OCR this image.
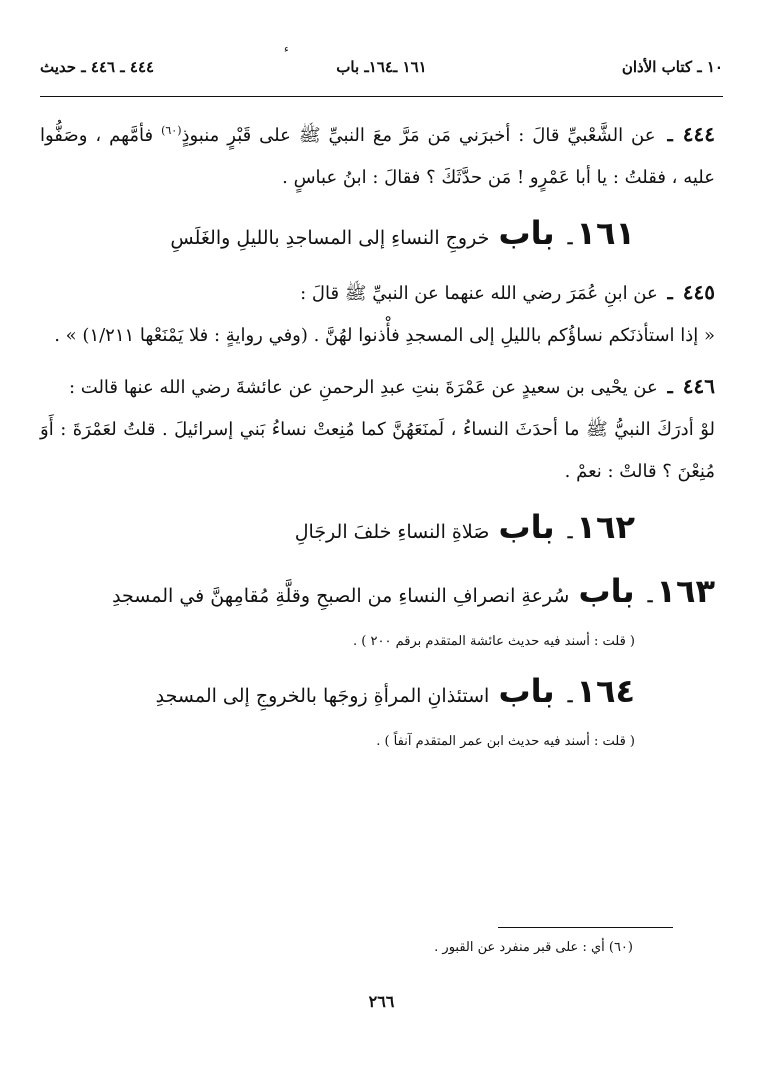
ء
١٠ ـ كتاب الأذان
١٦١ ـ١٦٤ـ باب
٤٤٤ ـ ٤٤٦ ـ حديث
٤٤٤ـ عن الشَّعْبيِّ قالَ : أخبرَني مَن مَرَّ معَ النبيِّ ﷺ على قَبْرٍ منبوذٍ$^{(٦٠)}$ فأمَّهم ، وصَفُّوا عليه ، فقلتُ : يا أبا عَمْرٍو ! مَن حدَّثَكَ ؟ فقالَ : ابنُ عباسٍ .
١٦١ـ باب خروجِ النساءِ إلى المساجدِ بالليلِ والغَلَسِ
٤٤٥ـ عن ابنِ عُمَرَ رضي الله عنهما عن النبيِّ ﷺ قالَ :
« إذا استأذنَكم نساؤُكم بالليلِ إلى المسجدِ فأْذنوا لهُنَّ . (وفي روايةٍ : فلا يَمْنَعْها ١/٢١١) » .
٤٤٦ـ عن يحْيى بن سعيدٍ عن عَمْرَةَ بنتِ عبدِ الرحمنِ عن عائشةَ رضي الله عنها قالت :
لوْ أدرَكَ النبيُّ ﷺ ما أحدَثَ النساءُ ، لَمنَعَهُنَّ كما مُنِعتْ نساءُ بَني إسرائيلَ . قلتُ لعَمْرَةَ : أَوَ مُنِعْنَ ؟ قالتْ : نعمْ .
١٦٢ـ باب صَلاةِ النساءِ خلفَ الرجَالِ
١٦٣ـ باب سُرعةِ انصرافِ النساءِ من الصبحِ وقلَّةِ مُقامِهنَّ في المسجدِ
( قلت : أسند فيه حديث عائشة المتقدم برقم ٢٠٠ ) .
١٦٤ـ باب استئذانِ المرأةِ زوجَها بالخروجِ إلى المسجدِ
( قلت : أسند فيه حديث ابن عمر المتقدم آنفاً ) .
(٦٠) أي : على قبر منفرد عن القبور .
٢٦٦
